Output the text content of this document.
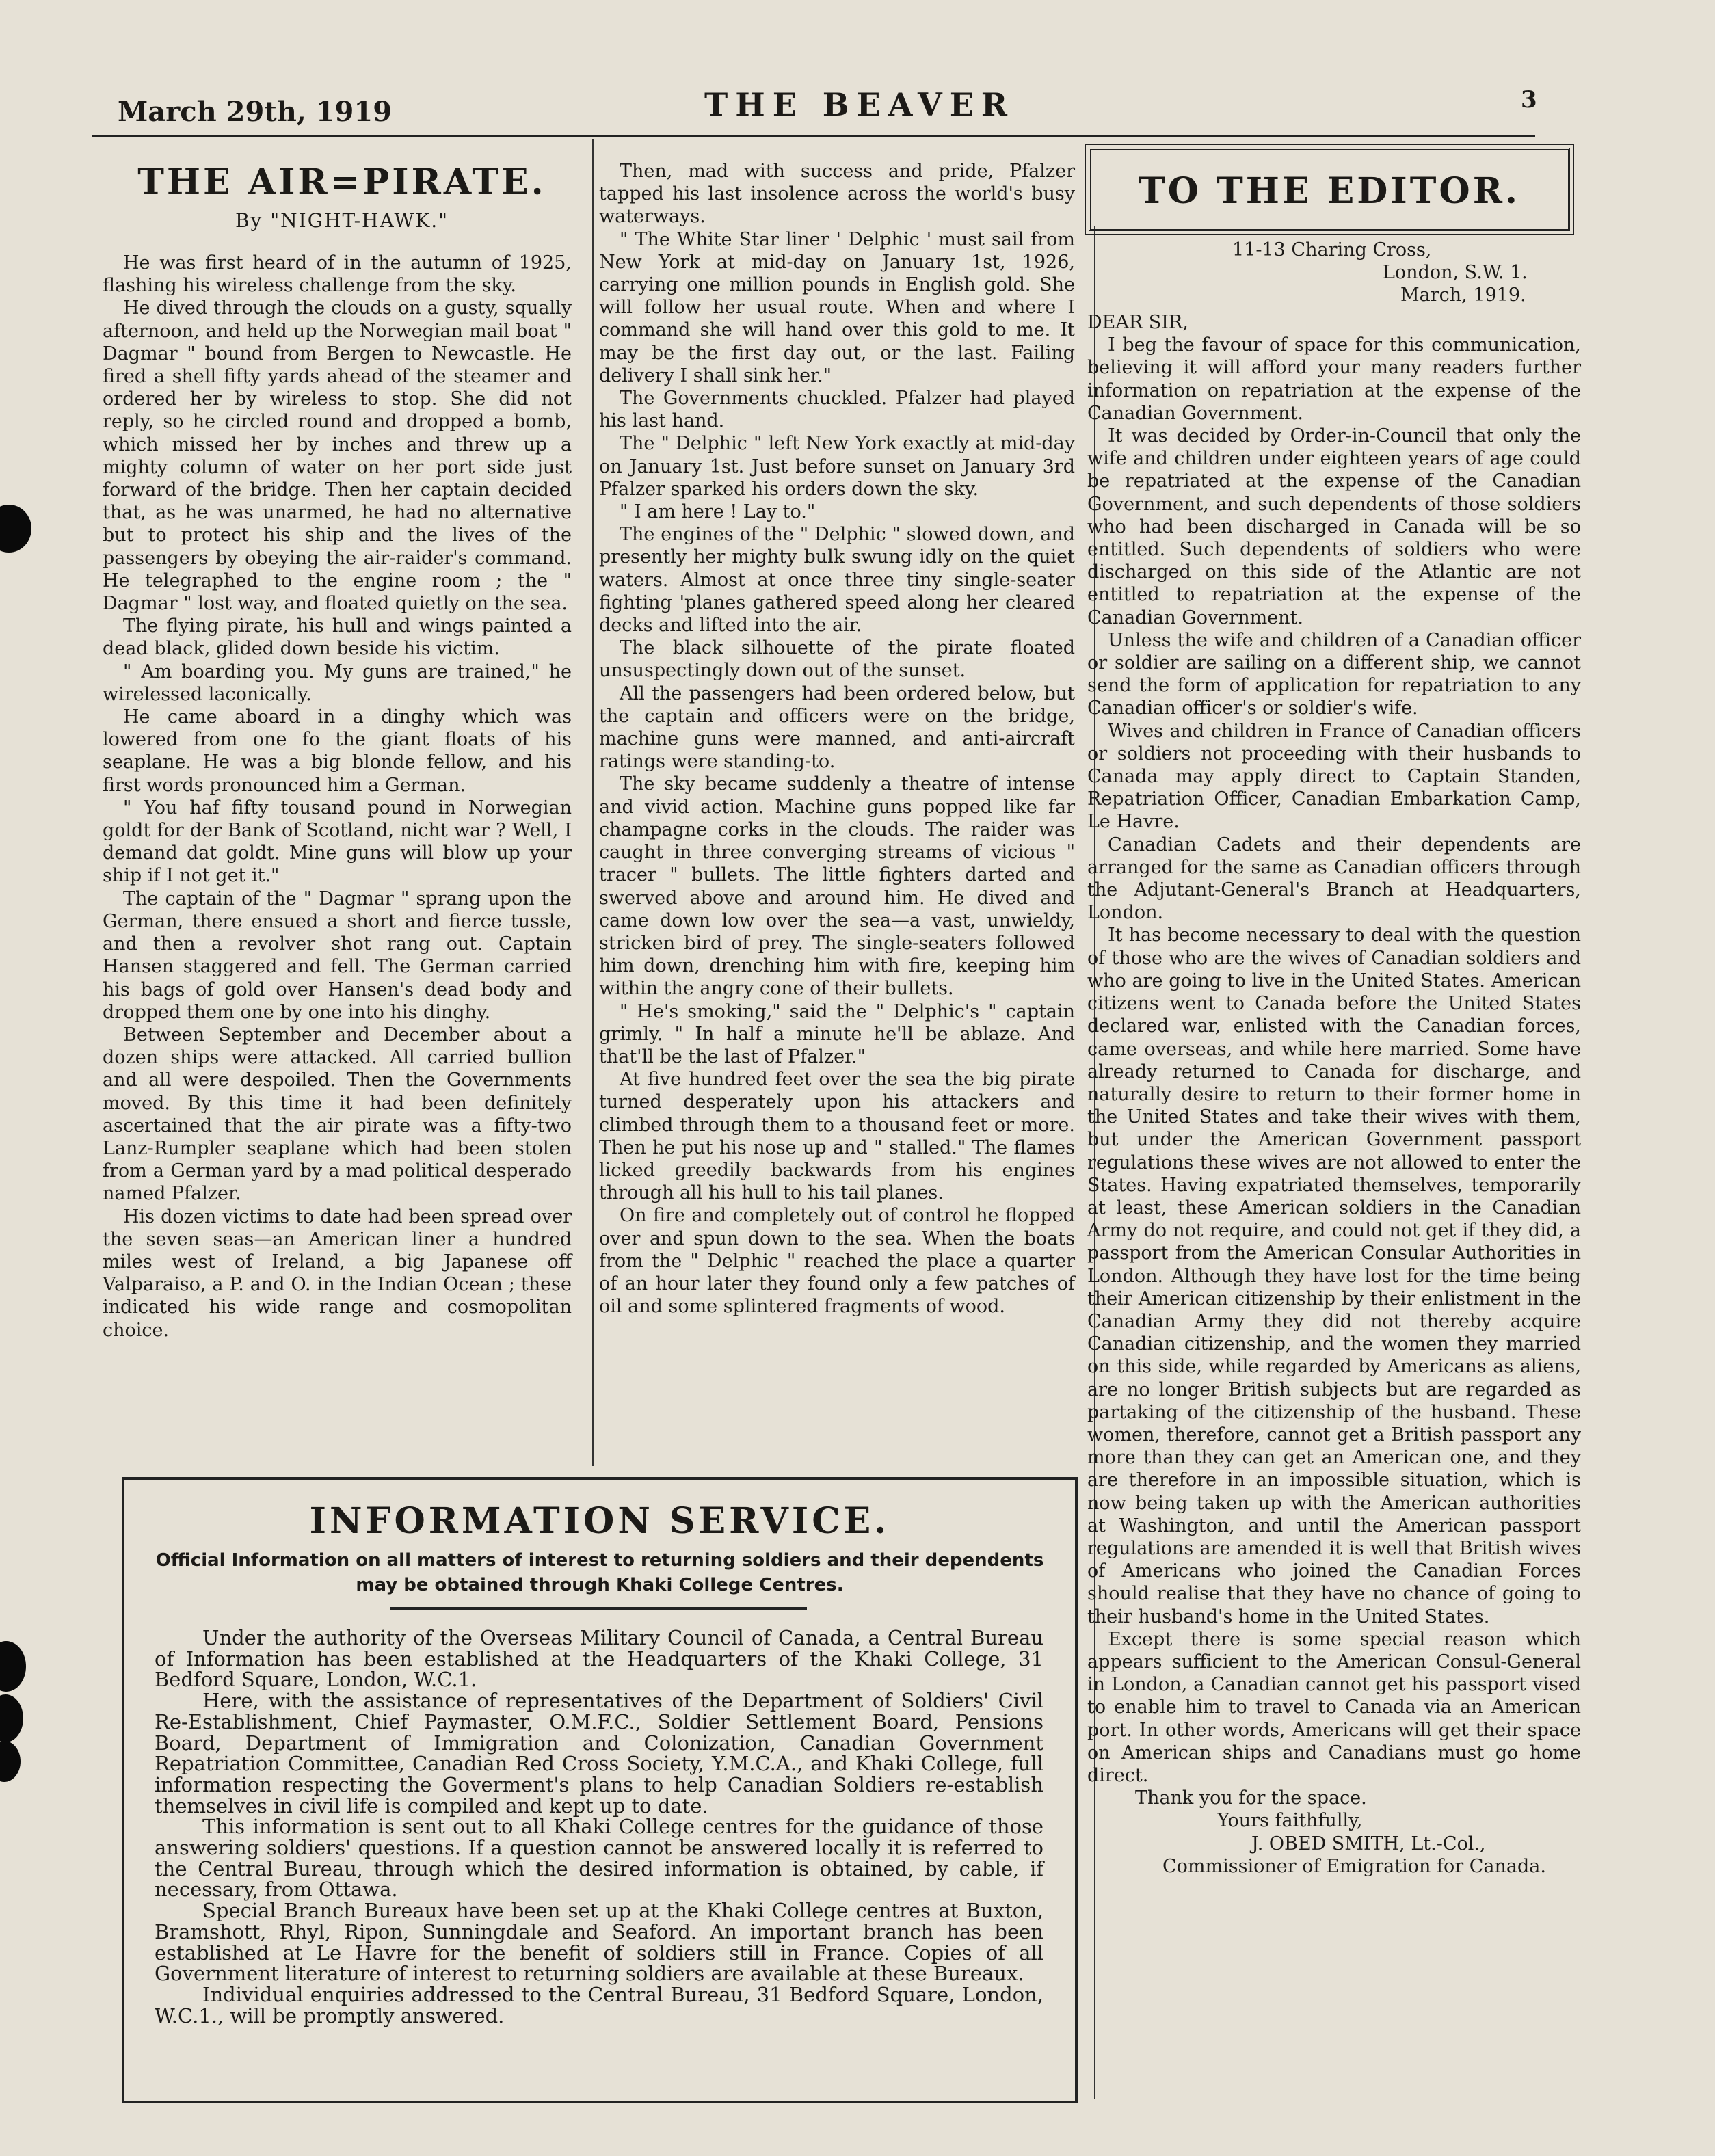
March 29th, 1919	THE BEAVER	3
THE AIR=PIRATE.
By "NIGHT-HAWK."

He was first heard of in the autumn of 1925, flashing his wireless challenge from the sky.

He dived through the clouds on a gusty, squally afternoon, and held up the Norwegian mail boat " Dagmar " bound from Bergen to Newcastle. He fired a shell fifty yards ahead of the steamer and ordered her by wireless to stop. She did not reply, so he circled round and dropped a bomb, which missed her by inches and threw up a mighty column of water on her port side just forward of the bridge. Then her captain decided that, as he was unarmed, he had no alternative but to protect his ship and the lives of the passengers by obeying the air-raider's command. He telegraphed to the engine room ; the " Dagmar " lost way, and floated quietly on the sea.

The flying pirate, his hull and wings painted a dead black, glided down beside his victim.

" Am boarding you. My guns are trained," he wirelessed laconically.

He came aboard in a dinghy which was lowered from one fo the giant floats of his seaplane. He was a big blonde fellow, and his first words pronounced him a German.

" You haf fifty tousand pound in Norwegian goldt for der Bank of Scotland, nicht war ? Well, I demand dat goldt. Mine guns will blow up your ship if I not get it."

The captain of the " Dagmar " sprang upon the German, there ensued a short and fierce tussle, and then a revolver shot rang out. Captain Hansen staggered and fell. The German carried his bags of gold over Hansen's dead body and dropped them one by one into his dinghy.

Between September and December about a dozen ships were attacked. All carried bullion and all were despoiled. Then the Governments moved. By this time it had been definitely ascertained that the air pirate was a fifty-two Lanz-Rumpler seaplane which had been stolen from a German yard by a mad political desperado named Pfalzer.

His dozen victims to date had been spread over the seven seas—an American liner a hundred miles west of Ireland, a big Japanese off Valparaiso, a P. and O. in the Indian Ocean ; these indicated his wide range and cosmopolitan choice.

Then, mad with success and pride, Pfalzer tapped his last insolence across the world's busy waterways.

" The White Star liner ' Delphic ' must sail from New York at mid-day on January 1st, 1926, carrying one million pounds in English gold. She will follow her usual route. When and where I command she will hand over this gold to me. It may be the first day out, or the last. Failing delivery I shall sink her."

The Governments chuckled. Pfalzer had played his last hand.

The " Delphic " left New York exactly at mid-day on January 1st. Just before sunset on January 3rd Pfalzer sparked his orders down the sky.

" I am here ! Lay to."

The engines of the " Delphic " slowed down, and presently her mighty bulk swung idly on the quiet waters. Almost at once three tiny single-seater fighting 'planes gathered speed along her cleared decks and lifted into the air.

The black silhouette of the pirate floated unsuspectingly down out of the sunset.

All the passengers had been ordered below, but the captain and officers were on the bridge, machine guns were manned, and anti-aircraft ratings were standing-to.

The sky became suddenly a theatre of intense and vivid action. Machine guns popped like far champagne corks in the clouds. The raider was caught in three converging streams of vicious " tracer " bullets. The little fighters darted and swerved above and around him. He dived and came down low over the sea—a vast, unwieldy, stricken bird of prey. The single-seaters followed him down, drenching him with fire, keeping him within the angry cone of their bullets.

" He's smoking," said the " Delphic's " captain grimly. " In half a minute he'll be ablaze. And that'll be the last of Pfalzer."

At five hundred feet over the sea the big pirate turned desperately upon his attackers and climbed through them to a thousand feet or more. Then he put his nose up and " stalled." The flames licked greedily backwards from his engines through all his hull to his tail planes.

On fire and completely out of control he flopped over and spun down to the sea. When the boats from the " Delphic " reached the place a quarter of an hour later they found only a few patches of oil and some splintered fragments of wood.

TO THE EDITOR.
11-13 Charing Cross,
London, S.W. 1.
March, 1919.

DEAR SIR,

I beg the favour of space for this communication, believing it will afford your many readers further information on repatriation at the expense of the Canadian Government.

It was decided by Order-in-Council that only the wife and children under eighteen years of age could be repatriated at the expense of the Canadian Government, and such dependents of those soldiers who had been discharged in Canada will be so entitled. Such dependents of soldiers who were discharged on this side of the Atlantic are not entitled to repatriation at the expense of the Canadian Government.

Unless the wife and children of a Canadian officer or soldier are sailing on a different ship, we cannot send the form of application for repatriation to any Canadian officer's or soldier's wife.

Wives and children in France of Canadian officers or soldiers not proceeding with their husbands to Canada may apply direct to Captain Standen, Repatriation Officer, Canadian Embarkation Camp, Le Havre.

Canadian Cadets and their dependents are arranged for the same as Canadian officers through the Adjutant-General's Branch at Headquarters, London.

It has become necessary to deal with the question of those who are the wives of Canadian soldiers and who are going to live in the United States. American citizens went to Canada before the United States declared war, enlisted with the Canadian forces, came overseas, and while here married. Some have already returned to Canada for discharge, and naturally desire to return to their former home in the United States and take their wives with them, but under the American Government passport regulations these wives are not allowed to enter the States. Having expatriated themselves, temporarily at least, these American soldiers in the Canadian Army do not require, and could not get if they did, a passport from the American Consular Authorities in London. Although they have lost for the time being their American citizenship by their enlistment in the Canadian Army they did not thereby acquire Canadian citizenship, and the women they married on this side, while regarded by Americans as aliens, are no longer British subjects but are regarded as partaking of the citizenship of the husband. These women, therefore, cannot get a British passport any more than they can get an American one, and they are therefore in an impossible situation, which is now being taken up with the American authorities at Washington, and until the American passport regulations are amended it is well that British wives of Americans who joined the Canadian Forces should realise that they have no chance of going to their husband's home in the United States.

Except there is some special reason which appears sufficient to the American Consul-General in London, a Canadian cannot get his passport vised to enable him to travel to Canada via an American port. In other words, Americans will get their space on American ships and Canadians must go home direct.

Thank you for the space.
Yours faithfully,
J. OBED SMITH, Lt.-Col.,
Commissioner of Emigration for Canada.
INFORMATION SERVICE.
Official Information on all matters of interest to returning soldiers and their dependents
may be obtained through Khaki College Centres.

Under the authority of the Overseas Military Council of Canada, a Central Bureau of Information has been established at the Headquarters of the Khaki College, 31 Bedford Square, London, W.C.1.

Here, with the assistance of representatives of the Department of Soldiers' Civil Re-Establishment, Chief Paymaster, O.M.F.C., Soldier Settlement Board, Pensions Board, Department of Immigration and Colonization, Canadian Government Repatriation Committee, Canadian Red Cross Society, Y.M.C.A., and Khaki College, full information respecting the Goverment's plans to help Canadian Soldiers re-establish themselves in civil life is compiled and kept up to date.

This information is sent out to all Khaki College centres for the guidance of those answering soldiers' questions. If a question cannot be answered locally it is referred to the Central Bureau, through which the desired information is obtained, by cable, if necessary, from Ottawa.

Special Branch Bureaux have been set up at the Khaki College centres at Buxton, Bramshott, Rhyl, Ripon, Sunningdale and Seaford. An important branch has been established at Le Havre for the benefit of soldiers still in France. Copies of all Government literature of interest to returning soldiers are available at these Bureaux.

Individual enquiries addressed to the Central Bureau, 31 Bedford Square, London, W.C.1., will be promptly answered.
